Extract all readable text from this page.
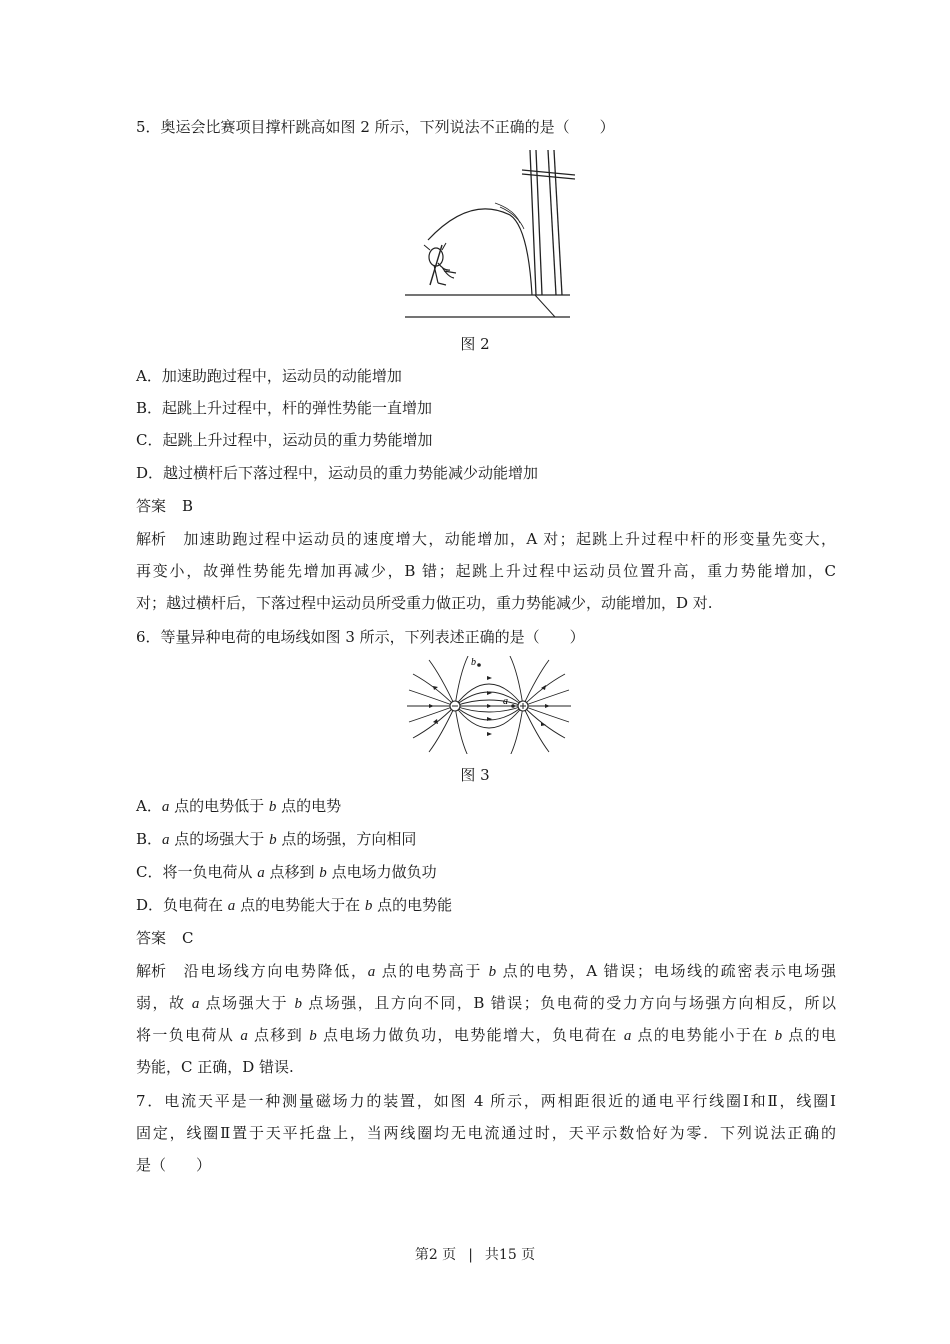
5．奥运会比赛项目撑杆跳高如图 2 所示，下列说法不正确的是（　　）
图 2
A．加速助跑过程中，运动员的动能增加
B．起跳上升过程中，杆的弹性势能一直增加
C．起跳上升过程中，运动员的重力势能增加
D．越过横杆后下落过程中，运动员的重力势能减少动能增加
答案 B
解析 加速助跑过程中运动员的速度增大，动能增加，A 对；起跳上升过程中杆的形变量先变大，
再变小，故弹性势能先增加再减少，B 错；起跳上升过程中运动员位置升高，重力势能增加，C
对；越过横杆后，下落过程中运动员所受重力做正功，重力势能减少，动能增加，D 对.
6．等量异种电荷的电场线如图 3 所示，下列表述正确的是（　　）
b
a
图 3
A．a 点的电势低于 b 点的电势
B．a 点的场强大于 b 点的场强，方向相同
C．将一负电荷从 a 点移到 b 点电场力做负功
D．负电荷在 a 点的电势能大于在 b 点的电势能
答案 C
解析 沿电场线方向电势降低，a 点的电势高于 b 点的电势，A 错误；电场线的疏密表示电场强
弱，故 a 点场强大于 b 点场强，且方向不同，B 错误；负电荷的受力方向与场强方向相反，所以
将一负电荷从 a 点移到 b 点电场力做负功，电势能增大，负电荷在 a 点的电势能小于在 b 点的电
势能，C 正确，D 错误.
7．电流天平是一种测量磁场力的装置，如图 4 所示，两相距很近的通电平行线圈Ⅰ和Ⅱ，线圈Ⅰ
固定，线圈Ⅱ置于天平托盘上，当两线圈均无电流通过时，天平示数恰好为零．下列说法正确的
是（　　）
第2 页 | 共15 页
